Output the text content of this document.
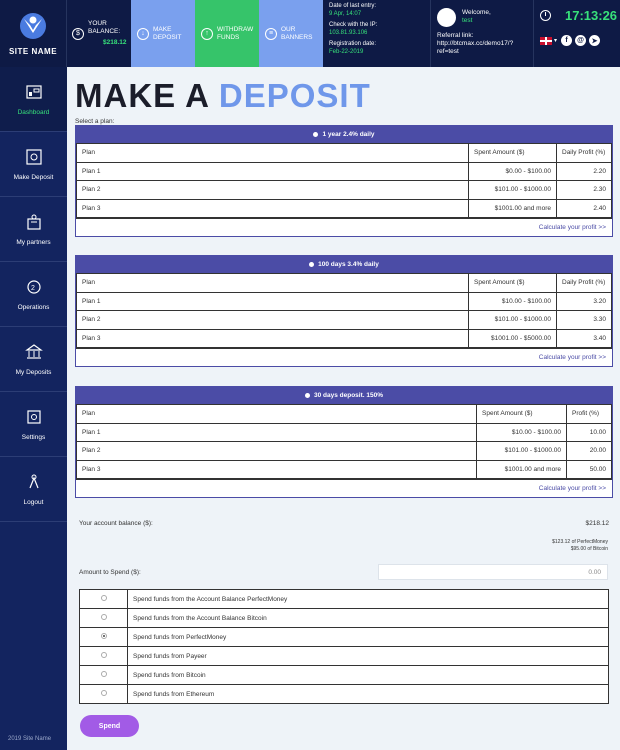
SITE NAME
$
YOUR
BALANCE:
$218.12
↓
MAKE
DEPOSIT
↑
WITHDRAW
FUNDS
≡
OUR
BANNERS
Date of last entry:
9 Apr, 14:07
Check with the IP:
103.81.93.106
Registration date:
Feb-22-2019
Welcome,
test
Referral link:
http://btcmax.cc/demo17/?
ref=test
17:13:26
▾	f	@	➤
Dashboard
Make Deposit
My partners
2
Operations
My Deposits
Settings
Logout
2019 Site Name
MAKE A DEPOSIT
Select a plan:
1 year 2.4% daily
Plan	Spent Amount ($)	Daily Profit (%)
Plan 1	$0.00 - $100.00	2.20
Plan 2	$101.00 - $1000.00	2.30
Plan 3	$1001.00 and more	2.40
Calculate your profit >>
100 days 3.4% daily
Plan	Spent Amount ($)	Daily Profit (%)
Plan 1	$10.00 - $100.00	3.20
Plan 2	$101.00 - $1000.00	3.30
Plan 3	$1001.00 - $5000.00	3.40
Calculate your profit >>
30 days deposit. 150%
Plan	Spent Amount ($)	Profit (%)
Plan 1	$10.00 - $100.00	10.00
Plan 2	$101.00 - $1000.00	20.00
Plan 3	$1001.00 and more	50.00
Calculate your profit >>
Your account balance ($):	$218.12
$123.12 of PerfectMoney
$95.00 of Bitcoin
Amount to Spend ($):	0.00
	Spend funds from the Account Balance PerfectMoney
	Spend funds from the Account Balance Bitcoin
	Spend funds from PerfectMoney
	Spend funds from Payeer
	Spend funds from Bitcoin
	Spend funds from Ethereum
Spend
